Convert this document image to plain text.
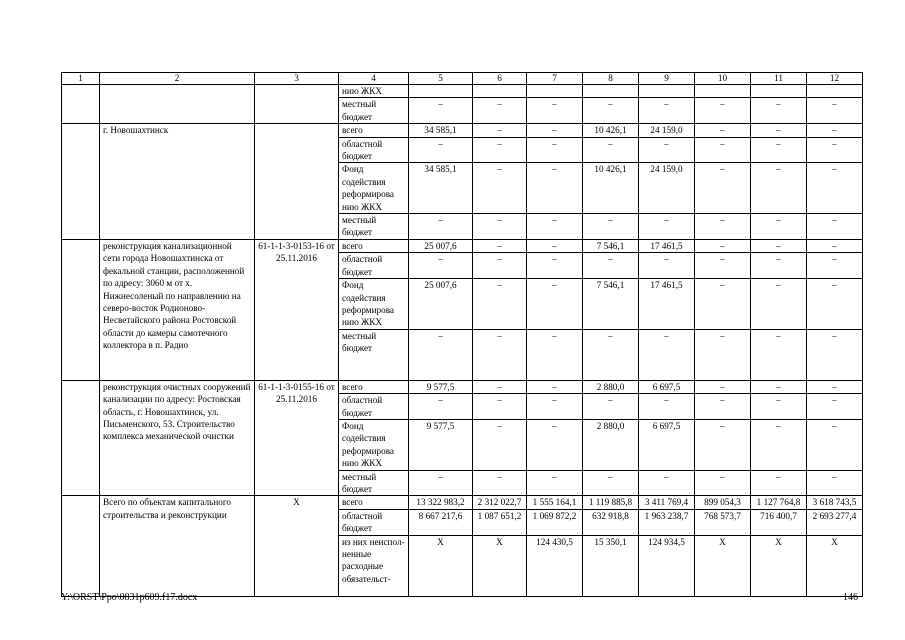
1	2	3	4	5	6	7	8	9	10	11	12
			нию ЖКХ								
			местный бюджет	–	–	–	–	–	–	–	–
	г. Новошахтинск		всего	34 585,1	–	–	10 426,1	24 159,0	–	–	–
			областной бюджет	–	–	–	–	–	–	–	–
			Фонд содействия реформирова нию ЖКХ	34 585,1	–	–	10 426,1	24 159,0	–	–	–
			местный бюджет	–	–	–	–	–	–	–	–
	реконструкция канализационной сети города Новошахтинска от фекальной станции, расположенной по адресу: 3060 м от х. Нижнесоленый по направлению на северо-восток Родионово-Несветайского района Ростовской области до камеры самотечного коллектора в п. Радио	61-1-1-3-0153-16 от 25.11.2016	всего	25 007,6	–	–	7 546,1	17 461,5	–	–	–
			областной бюджет	–	–	–	–	–	–	–	–
			Фонд содействия реформирова нию ЖКХ	25 007,6	–	–	7 546,1	17 461,5	–	–	–
			местный бюджет	–	–	–	–	–	–	–	–
	реконструкция очистных сооружений канализации по адресу: Ростовская область, г. Новошахтинск, ул. Письменского, 53. Строительство комплекса механической очистки	61-1-1-3-0155-16 от 25.11.2016	всего	9 577,5	–	–	2 880,0	6 697,5	–	–	–
			областной бюджет	–	–	–	–	–	–	–	–
			Фонд содействия реформирова нию ЖКХ	9 577,5	–	–	2 880,0	6 697,5	–	–	–
			местный бюджет	–	–	–	–	–	–	–	–
	Всего по объектам капитального строительства и реконструкции	Х	всего	13 322 983,2	2 312 022,7	1 555 164,1	1 119 885,8	3 411 769,4	899 054,3	1 127 764,8	3 618 743,5
			областной бюджет	8 667 217,6	1 087 651,2	1 069 872,2	632 918,8	1 963 238,7	768 573,7	716 400,7	2 693 277,4
			из них неиспол-ненные расходные обязательст-	Х	Х	124 430,5	15 350,1	124 934,5	Х	Х	Х
Y:\ORST\Ppo\0831p609.f17.docx	146
